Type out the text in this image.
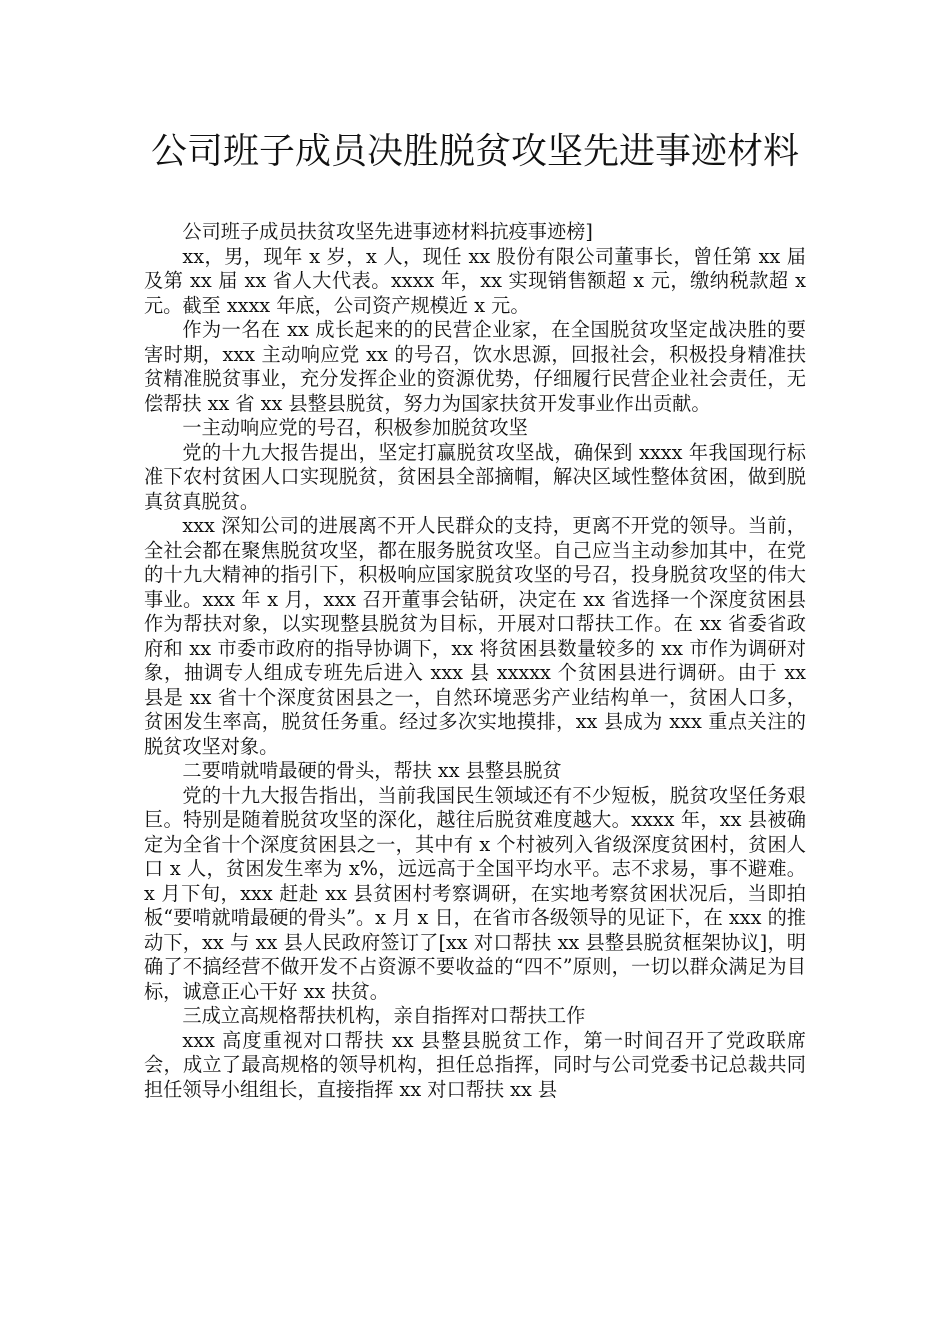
公司班子成员决胜脱贫攻坚先进事迹材料

公司班子成员扶贫攻坚先进事迹材料抗疫事迹榜]

xx，男，现年 x 岁，x 人，现任 xx 股份有限公司董事长，曾任第 xx 届及第 xx 届 xx 省人大代表。xxxx 年，xx 实现销售额超 x 元，缴纳税款超 x 元。截至 xxxx 年底，公司资产规模近 x 元。

作为一名在 xx 成长起来的的民营企业家，在全国脱贫攻坚定战决胜的要害时期，xxx 主动响应党 xx 的号召，饮水思源，回报社会，积极投身精准扶贫精准脱贫事业，充分发挥企业的资源优势，仔细履行民营企业社会责任，无偿帮扶 xx 省 xx 县整县脱贫，努力为国家扶贫开发事业作出贡献。

一主动响应党的号召，积极参加脱贫攻坚

党的十九大报告提出，坚定打赢脱贫攻坚战，确保到 xxxx 年我国现行标准下农村贫困人口实现脱贫，贫困县全部摘帽，解决区域性整体贫困，做到脱真贫真脱贫。

xxx 深知公司的进展离不开人民群众的支持，更离不开党的领导。当前，全社会都在聚焦脱贫攻坚，都在服务脱贫攻坚。自己应当主动参加其中，在党的十九大精神的指引下，积极响应国家脱贫攻坚的号召，投身脱贫攻坚的伟大事业。xxx 年 x 月，xxx 召开董事会钻研，决定在 xx 省选择一个深度贫困县作为帮扶对象，以实现整县脱贫为目标，开展对口帮扶工作。在 xx 省委省政府和 xx 市委市政府的指导协调下，xx 将贫困县数量较多的 xx 市作为调研对象，抽调专人组成专班先后进入 xxx 县 xxxxx 个贫困县进行调研。由于 xx 县是 xx 省十个深度贫困县之一，自然环境恶劣产业结构单一，贫困人口多，贫困发生率高，脱贫任务重。经过多次实地摸排，xx 县成为 xxx 重点关注的脱贫攻坚对象。

二要啃就啃最硬的骨头，帮扶 xx 县整县脱贫

党的十九大报告指出，当前我国民生领域还有不少短板，脱贫攻坚任务艰巨。特别是随着脱贫攻坚的深化，越往后脱贫难度越大。xxxx 年，xx 县被确定为全省十个深度贫困县之一，其中有 x 个村被列入省级深度贫困村，贫困人口 x 人，贫困发生率为 x%，远远高于全国平均水平。志不求易，事不避难。x 月下旬，xxx 赶赴 xx 县贫困村考察调研，在实地考察贫困状况后，当即拍板“要啃就啃最硬的骨头”。x 月 x 日，在省市各级领导的见证下，在 xxx 的推动下，xx 与 xx 县人民政府签订了[xx 对口帮扶 xx 县整县脱贫框架协议]，明确了不搞经营不做开发不占资源不要收益的“四不”原则，一切以群众满足为目标，诚意正心干好 xx 扶贫。

三成立高规格帮扶机构，亲自指挥对口帮扶工作

xxx 高度重视对口帮扶 xx 县整县脱贫工作，第一时间召开了党政联席会，成立了最高规格的领导机构，担任总指挥，同时与公司党委书记总裁共同担任领导小组组长，直接指挥 xx 对口帮扶 xx 县
